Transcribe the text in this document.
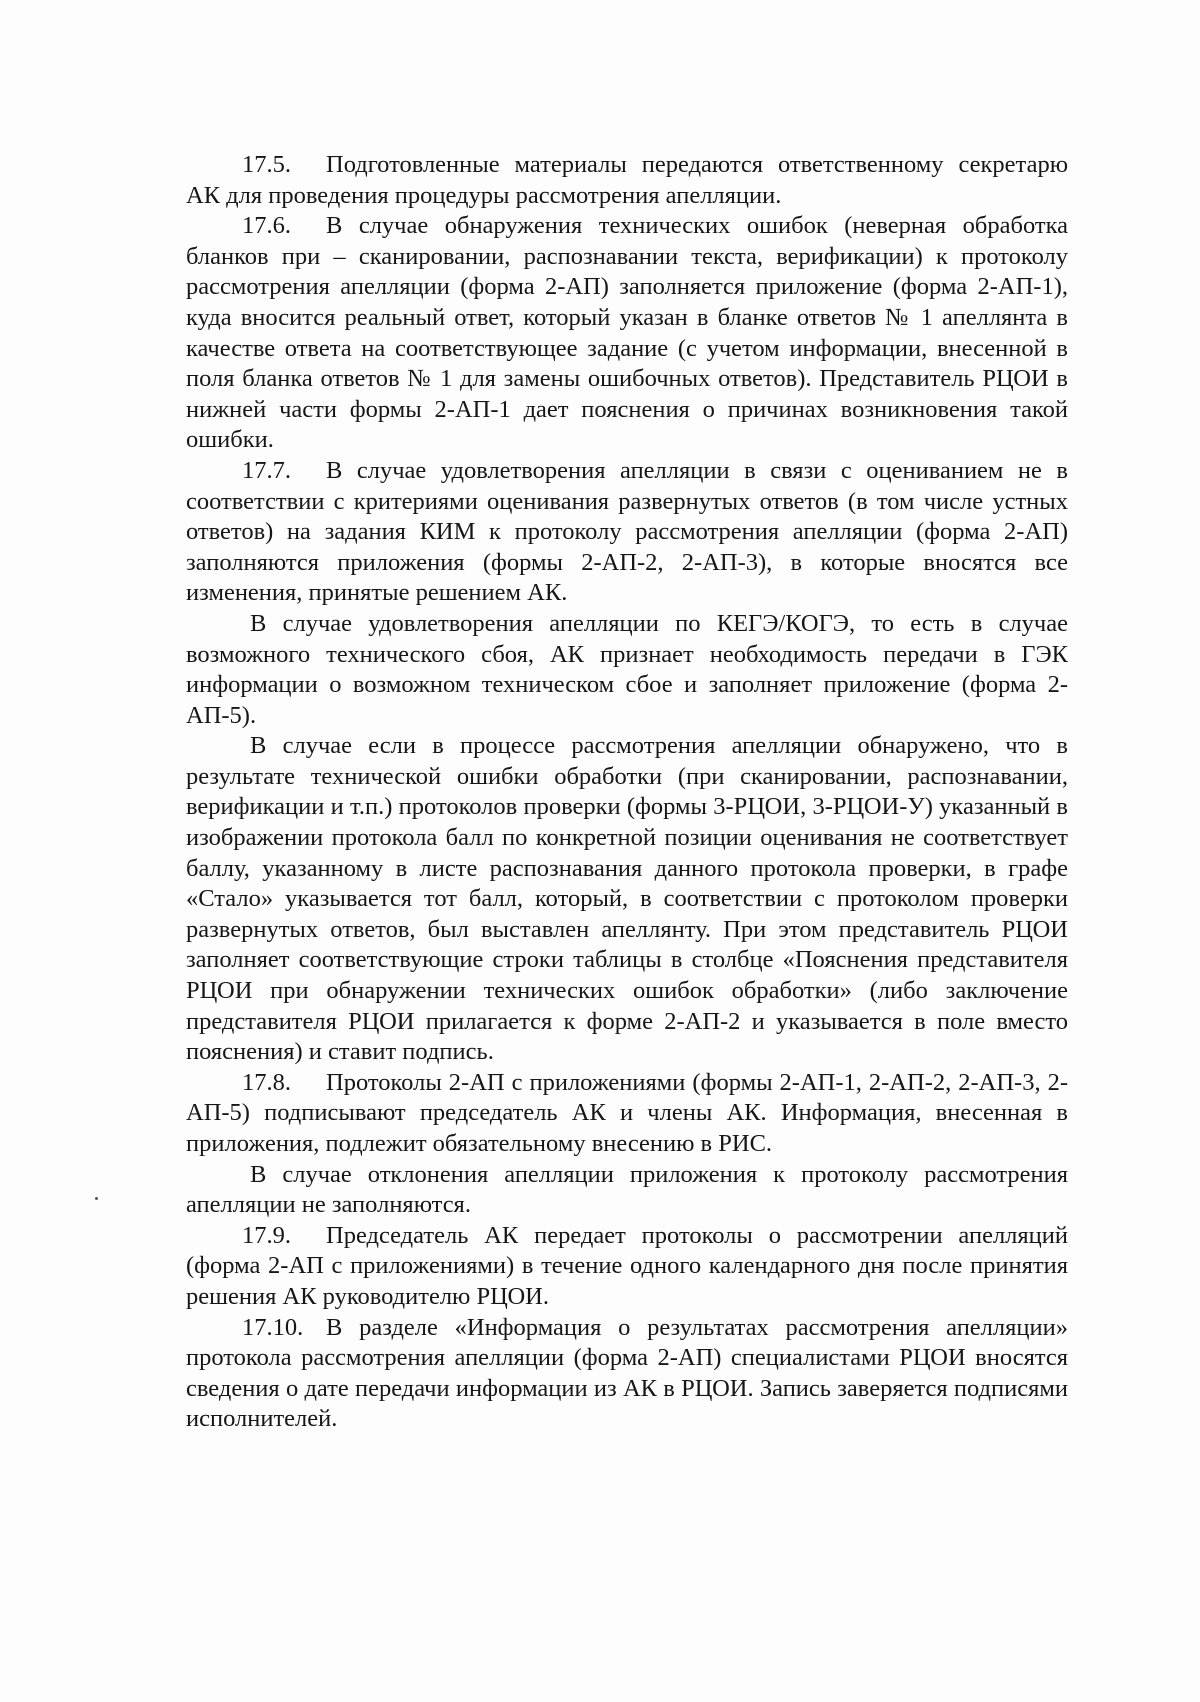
17.5. Подготовленные материалы передаются ответственному секретарю АК для проведения процедуры рассмотрения апелляции.

17.6. В случае обнаружения технических ошибок (неверная обработка бланков при – сканировании, распознавании текста, верификации) к протоколу рассмотрения апелляции (форма 2-АП) заполняется приложение (форма 2-АП-1), куда вносится реальный ответ, который указан в бланке ответов № 1 апеллянта в качестве ответа на соответствующее задание (с учетом информации, внесенной в поля бланка ответов № 1 для замены ошибочных ответов). Представитель РЦОИ в нижней части формы 2-АП-1 дает пояснения о причинах возникновения такой ошибки.

17.7. В случае удовлетворения апелляции в связи с оцениванием не в соответствии с критериями оценивания развернутых ответов (в том числе устных ответов) на задания КИМ к протоколу рассмотрения апелляции (форма 2-АП) заполняются приложения (формы 2-АП-2, 2-АП-3), в которые вносятся все изменения, принятые решением АК.

В случае удовлетворения апелляции по КЕГЭ/КОГЭ, то есть в случае возможного технического сбоя, АК признает необходимость передачи в ГЭК информации о возможном техническом сбое и заполняет приложение (форма 2-АП-5).

В случае если в процессе рассмотрения апелляции обнаружено, что в результате технической ошибки обработки (при сканировании, распознавании, верификации и т.п.) протоколов проверки (формы 3-РЦОИ, 3-РЦОИ-У) указанный в изображении протокола балл по конкретной позиции оценивания не соответствует баллу, указанному в листе распознавания данного протокола проверки, в графе «Стало» указывается тот балл, который, в соответствии с протоколом проверки развернутых ответов, был выставлен апеллянту. При этом представитель РЦОИ заполняет соответствующие строки таблицы в столбце «Пояснения представителя РЦОИ при обнаружении технических ошибок обработки» (либо заключение представителя РЦОИ прилагается к форме 2-АП-2 и указывается в поле вместо пояснения) и ставит подпись.

17.8. Протоколы 2-АП с приложениями (формы 2-АП-1, 2-АП-2, 2-АП-3, 2-АП-5) подписывают председатель АК и члены АК. Информация, внесенная в приложения, подлежит обязательному внесению в РИС.

В случае отклонения апелляции приложения к протоколу рассмотрения апелляции не заполняются.

17.9. Председатель АК передает протоколы о рассмотрении апелляций (форма 2-АП с приложениями) в течение одного календарного дня после принятия решения АК руководителю РЦОИ.

17.10. В разделе «Информация о результатах рассмотрения апелляции» протокола рассмотрения апелляции (форма 2-АП) специалистами РЦОИ вносятся сведения о дате передачи информации из АК в РЦОИ. Запись заверяется подписями исполнителей.
